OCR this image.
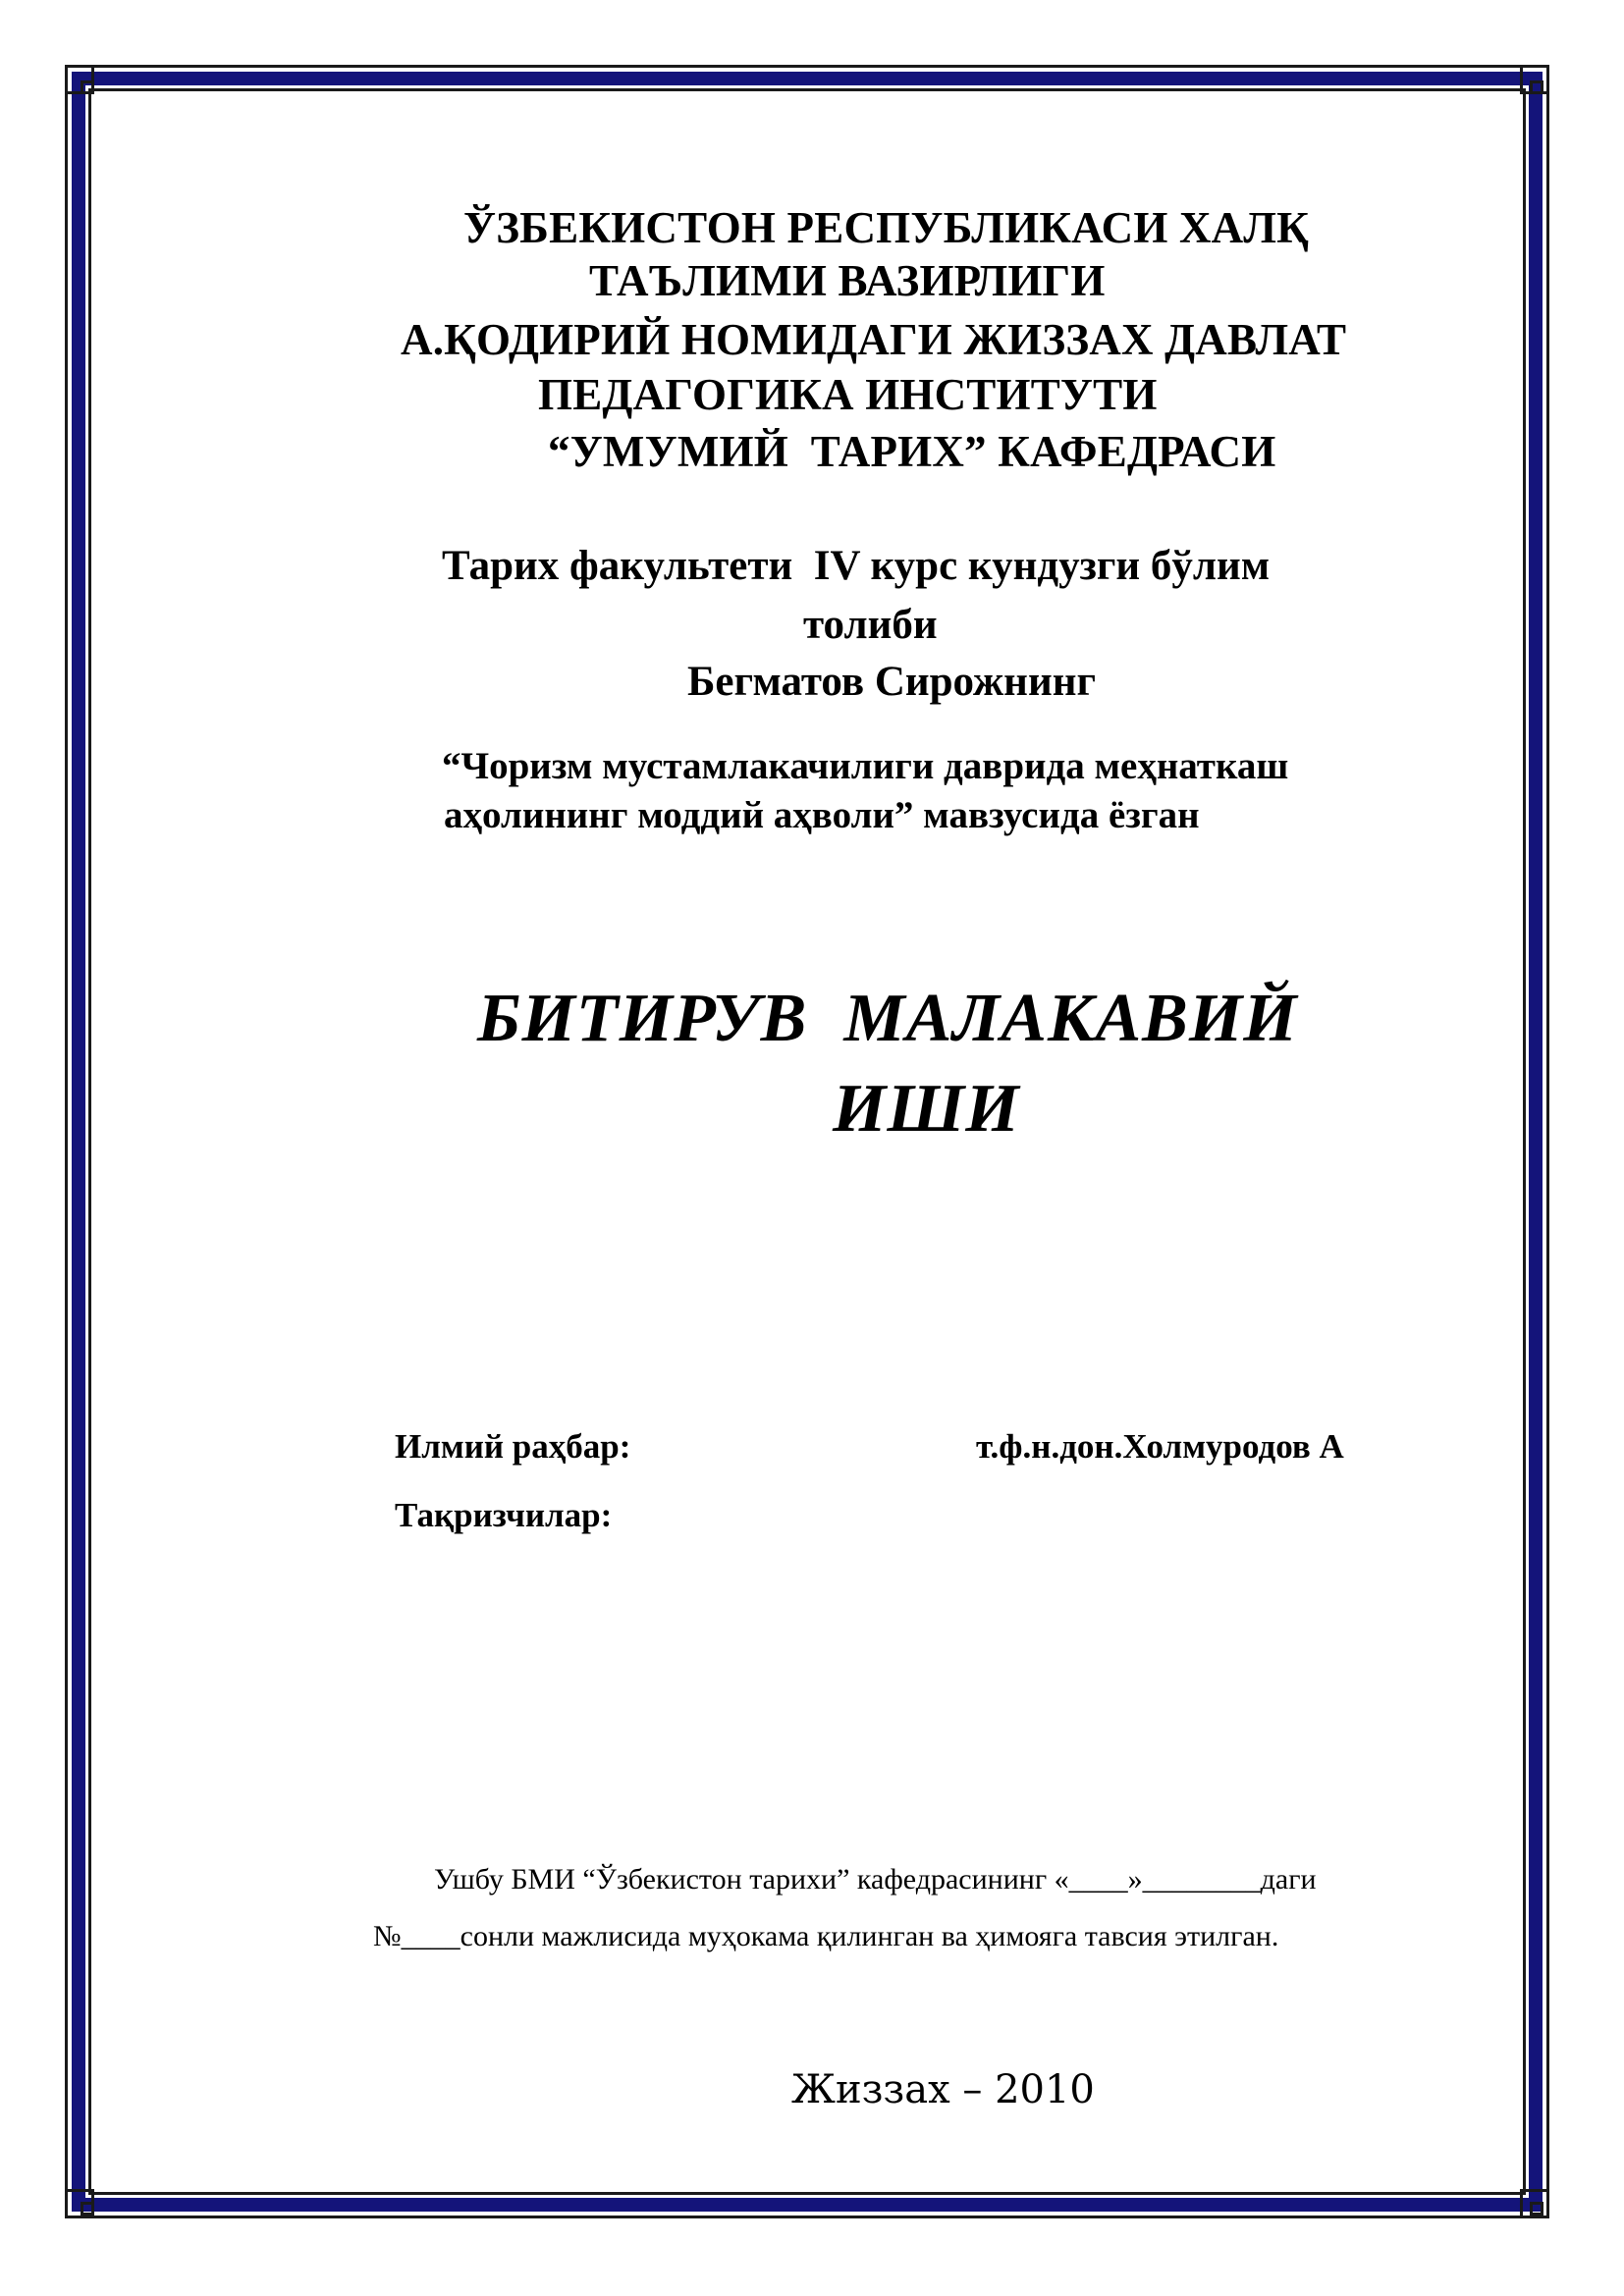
ЎЗБЕКИСТОН РЕСПУБЛИКАСИ ХАЛҚ
ТАЪЛИМИ ВАЗИРЛИГИ
А.ҚОДИРИЙ НОМИДАГИ ЖИЗЗАХ ДАВЛАТ
ПЕДАГОГИКА ИНСТИТУТИ
“УМУМИЙ  ТАРИХ” КАФЕДРАСИ
Тарих факультети  IV курс кундузги бўлим
толиби
Бегматов Сирожнинг
“Чоризм мустамлакачилиги даврида меҳнаткаш
аҳолининг моддий аҳволи” мавзусида ёзган
БИТИРУВ  МАЛАКАВИЙ
ИШИ
Илмий раҳбар:	т.ф.н.дон.Холмуродов А
Тақризчилар:
Ушбу БМИ “Ўзбекистон тарихи” кафедрасининг «____»________даги
№____сонли мажлисида муҳокама қилинган ва ҳимояга тавсия этилган.
Жиззах – 2010
